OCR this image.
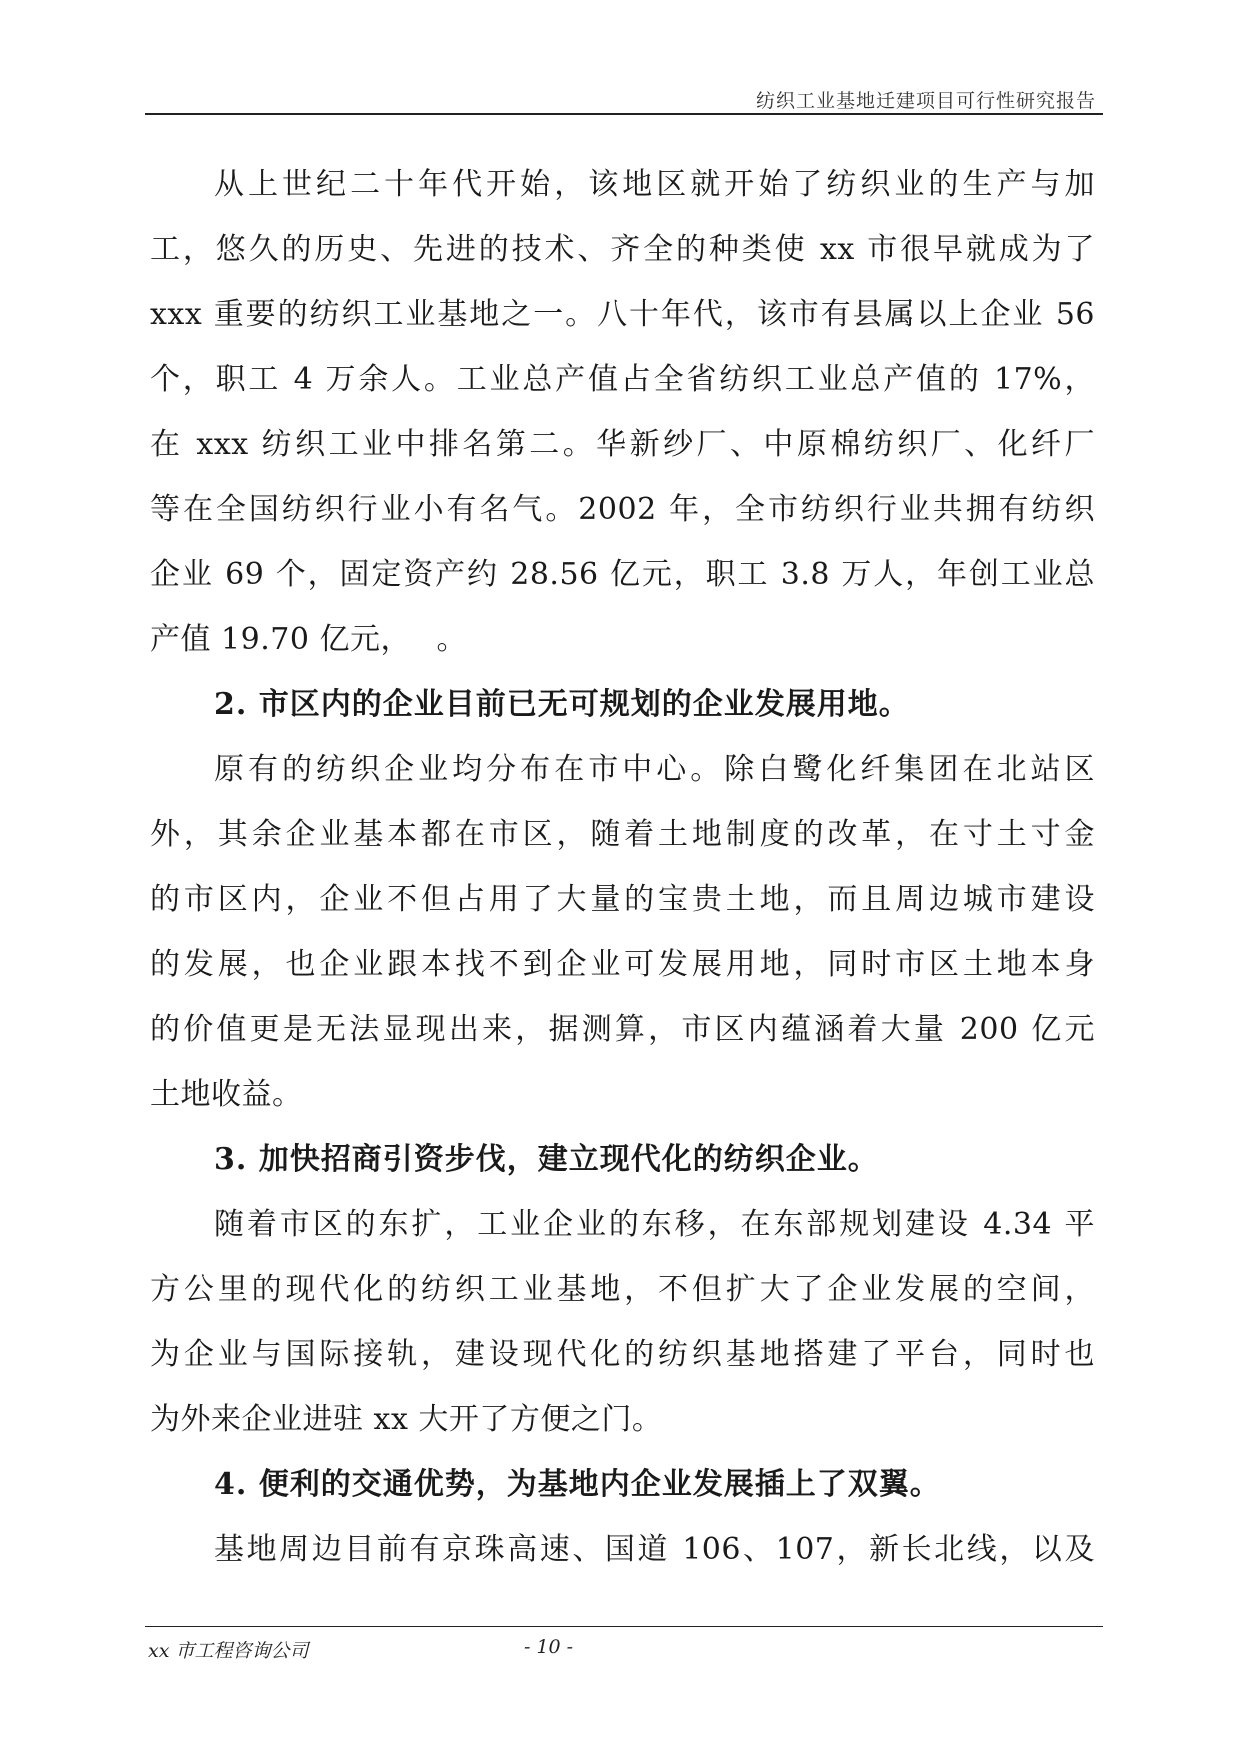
纺织工业基地迁建项目可行性研究报告
从上世纪二十年代开始，该地区就开始了纺织业的生产与加
工，悠久的历史、先进的技术、齐全的种类使 xx 市很早就成为了
xxx 重要的纺织工业基地之一。八十年代，该市有县属以上企业 56
个，职工 4 万余人。工业总产值占全省纺织工业总产值的 17%，
在 xxx 纺织工业中排名第二。华新纱厂、中原棉纺织厂、化纤厂
等在全国纺织行业小有名气。2002 年，全市纺织行业共拥有纺织
企业 69 个，固定资产约 28.56 亿元，职工 3.8 万人，年创工业总
产值 19.70 亿元，　 。
2. 市区内的企业目前已无可规划的企业发展用地。
原有的纺织企业均分布在市中心。除白鹭化纤集团在北站区
外，其余企业基本都在市区，随着土地制度的改革，在寸土寸金
的市区内，企业不但占用了大量的宝贵土地，而且周边城市建设
的发展，也企业跟本找不到企业可发展用地，同时市区土地本身
的价值更是无法显现出来，据测算，市区内蕴涵着大量 200 亿元
土地收益。
3. 加快招商引资步伐，建立现代化的纺织企业。
随着市区的东扩，工业企业的东移，在东部规划建设 4.34 平
方公里的现代化的纺织工业基地，不但扩大了企业发展的空间，
为企业与国际接轨，建设现代化的纺织基地搭建了平台，同时也
为外来企业进驻 xx 大开了方便之门。
4. 便利的交通优势，为基地内企业发展插上了双翼。
基地周边目前有京珠高速、国道 106、107，新长北线，以及
xx 市工程咨询公司	- 10 -
